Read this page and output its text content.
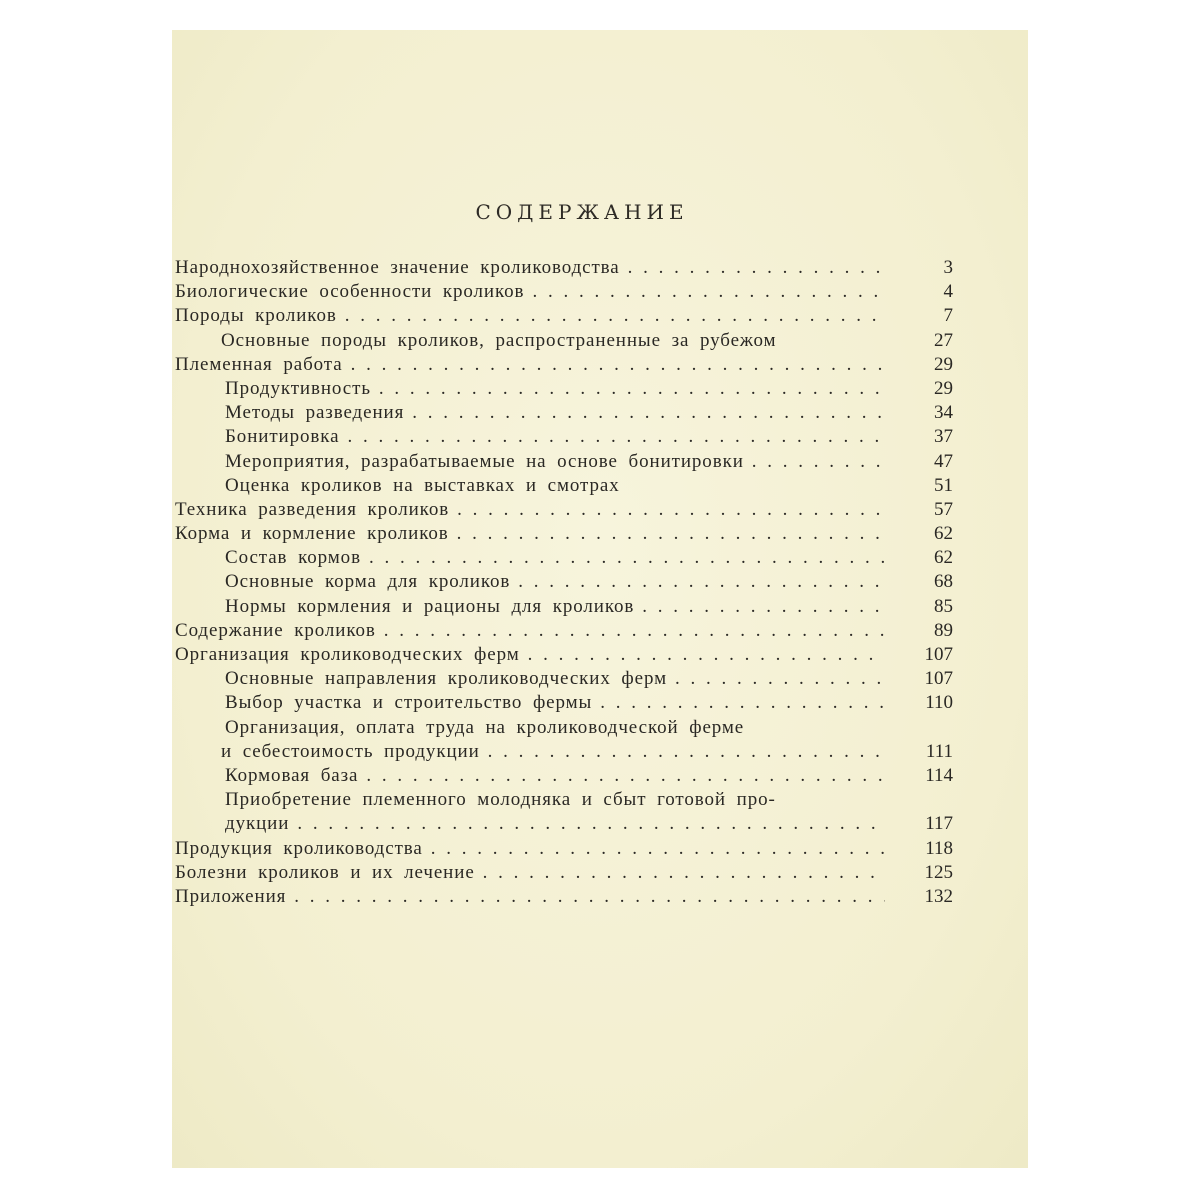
СОДЕРЖАНИЕ
Народнохозяйственное значение кролиководства . . .	3
Биологические особенности кроликов . . .	4
Породы кроликов . . .	7
Основные породы кроликов, распространенные за рубежом	27
Племенная работа . . .	29
Продуктивность . . .	29
Методы разведения . . .	34
Бонитировка . . .	37
Мероприятия, разрабатываемые на основе бонитировки . . .	47
Оценка кроликов на выставках и смотрах	51
Техника разведения кроликов . . .	57
Корма и кормление кроликов . . .	62
Состав кормов . . .	62
Основные корма для кроликов . . .	68
Нормы кормления и рационы для кроликов . . .	85
Содержание кроликов . . .	89
Организация кролиководческих ферм . . .	107
Основные направления кролиководческих ферм . . .	107
Выбор участка и строительство фермы . . .	110
Организация, оплата труда на кролиководческой ферме
и себестоимость продукции . . .	111
Кормовая база . . .	114
Приобретение племенного молодняка и сбыт готовой про-
дукции . . .	117
Продукция кролиководства . . .	118
Болезни кроликов и их лечение . . .	125
Приложения . . .	132
